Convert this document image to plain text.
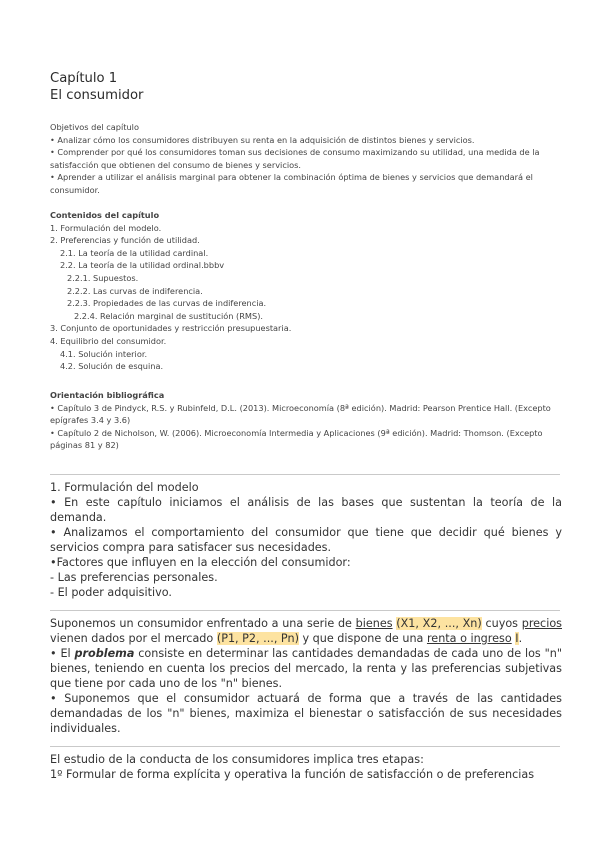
Capítulo 1
El consumidor
Objetivos del capítulo
• Analizar cómo los consumidores distribuyen su renta en la adquisición de distintos bienes y servicios.
• Comprender por qué los consumidores toman sus decisiones de consumo maximizando su utilidad, una medida de la satisfacción que obtienen del consumo de bienes y servicios.
• Aprender a utilizar el análisis marginal para obtener la combinación óptima de bienes y servicios que demandará el consumidor.
Contenidos del capítulo
1. Formulación del modelo.
2. Preferencias y función de utilidad.
2.1. La teoría de la utilidad cardinal.
2.2. La teoría de la utilidad ordinal.bbbv
2.2.1. Supuestos.
2.2.2. Las curvas de indiferencia.
2.2.3. Propiedades de las curvas de indiferencia.
2.2.4. Relación marginal de sustitución (RMS).
3. Conjunto de oportunidades y restricción presupuestaria.
4. Equilibrio del consumidor.
4.1. Solución interior.
4.2. Solución de esquina.
Orientación bibliográfica
• Capítulo 3 de Pindyck, R.S. y Rubinfeld, D.L. (2013). Microeconomía (8ª edición). Madrid: Pearson Prentice Hall. (Excepto epígrafes 3.4 y 3.6)
• Capítulo 2 de Nicholson, W. (2006). Microeconomía Intermedia y Aplicaciones (9ª edición). Madrid: Thomson. (Excepto páginas 81 y 82)
1. Formulación del modelo
• En este capítulo iniciamos el análisis de las bases que sustentan la teoría de la demanda.
• Analizamos el comportamiento del consumidor que tiene que decidir qué bienes y servicios compra para satisfacer sus necesidades.
•Factores que influyen en la elección del consumidor:
- Las preferencias personales.
- El poder adquisitivo.
Suponemos un consumidor enfrentado a una serie de bienes (X1, X2, ..., Xn) cuyos precios vienen dados por el mercado (P1, P2, ..., Pn) y que dispone de una renta o ingreso I.
• El problema consiste en determinar las cantidades demandadas de cada uno de los "n" bienes, teniendo en cuenta los precios del mercado, la renta y las preferencias subjetivas que tiene por cada uno de los "n" bienes.
• Suponemos que el consumidor actuará de forma que a través de las cantidades demandadas de los "n" bienes, maximiza el bienestar o satisfacción de sus necesidades individuales.
El estudio de la conducta de los consumidores implica tres etapas:
1º Formular de forma explícita y operativa la función de satisfacción o de preferencias
